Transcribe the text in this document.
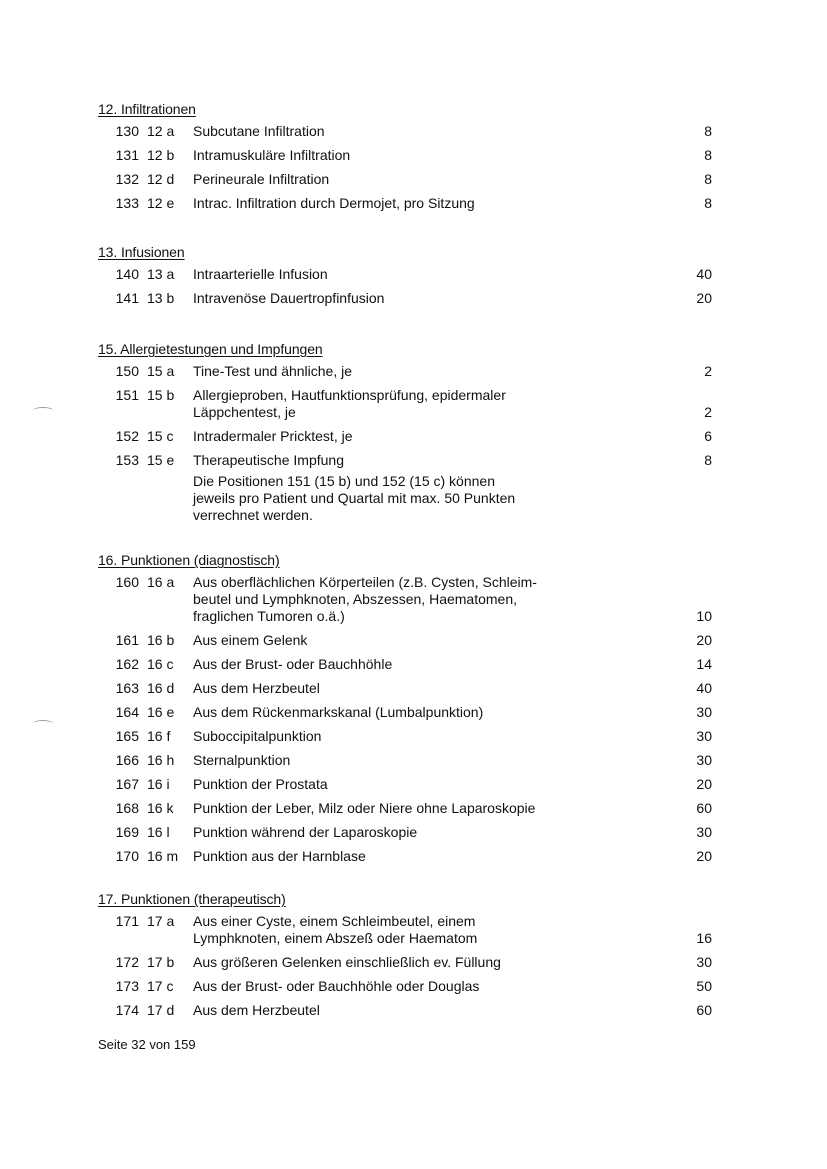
12. Infiltrationen
130 12 a	Subcutane Infiltration	8
131 12 b	Intramuskuläre Infiltration	8
132 12 d	Perineurale Infiltration	8
133 12 e	Intrac. Infiltration durch Dermojet, pro Sitzung	8
13. Infusionen
140 13 a	Intraarterielle Infusion	40
141 13 b	Intravenöse Dauertropfinfusion	20
15. Allergietestungen und Impfungen
150 15 a	Tine-Test und ähnliche, je	2
151 15 b	Allergieproben, Hautfunktionsprüfung, epidermaler
Läppchentest, je	2
152 15 c	Intradermaler Pricktest, je	6
153 15 e	Therapeutische Impfung	8
Die Positionen 151 (15 b) und 152 (15 c) können
jeweils pro Patient und Quartal mit max. 50 Punkten
verrechnet werden.
16. Punktionen (diagnostisch)
160 16 a	Aus oberflächlichen Körperteilen (z.B. Cysten, Schleim-
beutel und Lymphknoten, Abszessen, Haematomen,
fraglichen Tumoren o.ä.)	10
161 16 b	Aus einem Gelenk	20
162 16 c	Aus der Brust- oder Bauchhöhle	14
163 16 d	Aus dem Herzbeutel	40
164 16 e	Aus dem Rückenmarkskanal (Lumbalpunktion)	30
165 16 f	Suboccipitalpunktion	30
166 16 h	Sternalpunktion	30
167 16 i	Punktion der Prostata	20
168 16 k	Punktion der Leber, Milz oder Niere ohne Laparoskopie	60
169 16 l	Punktion während der Laparoskopie	30
170 16 m	Punktion aus der Harnblase	20
17. Punktionen (therapeutisch)
171 17 a	Aus einer Cyste, einem Schleimbeutel, einem
Lymphknoten, einem Abszeß oder Haematom	16
172 17 b	Aus größeren Gelenken einschließlich ev. Füllung	30
173 17 c	Aus der Brust- oder Bauchhöhle oder Douglas	50
174 17 d	Aus dem Herzbeutel	60
Seite 32 von 159
